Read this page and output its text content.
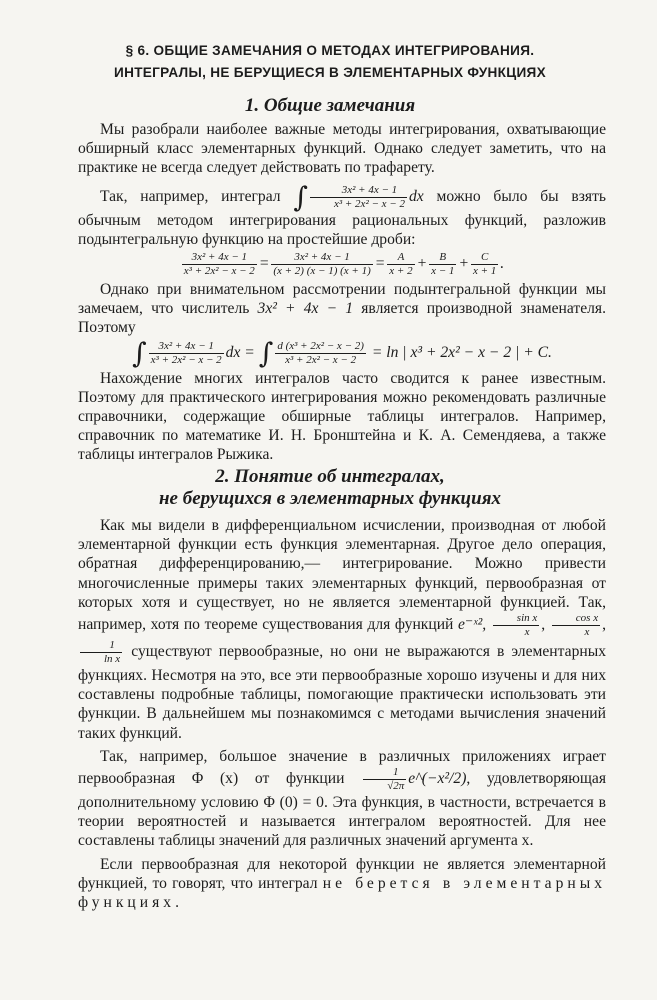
§ 6. ОБЩИЕ ЗАМЕЧАНИЯ О МЕТОДАХ ИНТЕГРИРОВАНИЯ.
ИНТЕГРАЛЫ, НЕ БЕРУЩИЕСЯ В ЭЛЕМЕНТАРНЫХ ФУНКЦИЯХ
1. Общие замечания

Мы разобрали наиболее важные методы интегрирования, охватывающие обширный класс элементарных функций. Однако следует заметить, что на практике не всегда следует действовать по трафарету.

Так, например, интеграл ∫ $\frac{\text{3x² + 4x − 1}}{\text{x³ + 2x² − x − 2}}$ dx можно было бы взять обычным методом интегрирования рациональных функций, разложив подынтегральную функцию на простейшие дроби:

$\frac{\text{3x² + 4x − 1}}{\text{x³ + 2x² − x − 2}} = \frac{\text{3x² + 4x − 1}}{(x + 2) (x - 1) (x + 1)} = \frac{A}{x + 2} + \frac{B}{x - 1} + \frac{C}{x + 1}$ .

Однако при внимательном рассмотрении подынтегральной функции мы замечаем, что числитель 3x² + 4x − 1 является производной знаменателя. Поэтому

∫ $\frac{\text{3x² + 4x − 1}}{\text{x³ + 2x² − x − 2}}$ dx = ∫ $\frac{\text{d (x³ + 2x² − x − 2)}}{\text{x³ + 2x² − x − 2}} = \ln$ | x³ + 2x² − x − 2 | + C.

Нахождение многих интегралов часто сводится к ранее известным. Поэтому для практического интегрирования можно рекомендовать различные справочники, содержащие обширные таблицы интегралов. Например, справочник по математике И. Н. Бронштейна и К. А. Семендяева, а также таблицы интегралов Рыжика.

2. Понятие об интегралах,
не берущихся в элементарных функциях

Как мы видели в дифференциальном исчислении, производная от любой элементарной функции есть функция элементарная. Другое дело операция, обратная дифференцированию,— интегрирование. Можно привести многочисленные примеры таких элементарных функций, первообразная от которых хотя и существует, но не является элементарной функцией. Так, например, хотя по теореме существования для функций e⁻ˣ², $\frac{\text{sin x}}{x}$ , $\frac{\text{cos x}}{x}$ ,
$\frac{1}{\text{ln x}}$ существуют первообразные, но они не выражаются в элементарных функциях. Несмотря на это, все эти первообразные хорошо изучены и для них составлены подробные таблицы, помогающие практически использовать эти функции. В дальнейшем мы познакомимся с методами вычисления значений таких функций.

Так, например, большое значение в различных приложениях играет первообразная Φ (x) от функции $\frac{1}{√2\pi}$ e^(−x²/2), удовлетворяющая дополнительному условию Φ (0) = 0. Эта функция, в частности, встречается в теории вероятностей и называется интегралом вероятностей. Для нее составлены таблицы значений для различных значений аргумента x.

Если первообразная для некоторой функции не является элементарной функцией, то говорят, что интеграл не берется в элементарных функциях.
